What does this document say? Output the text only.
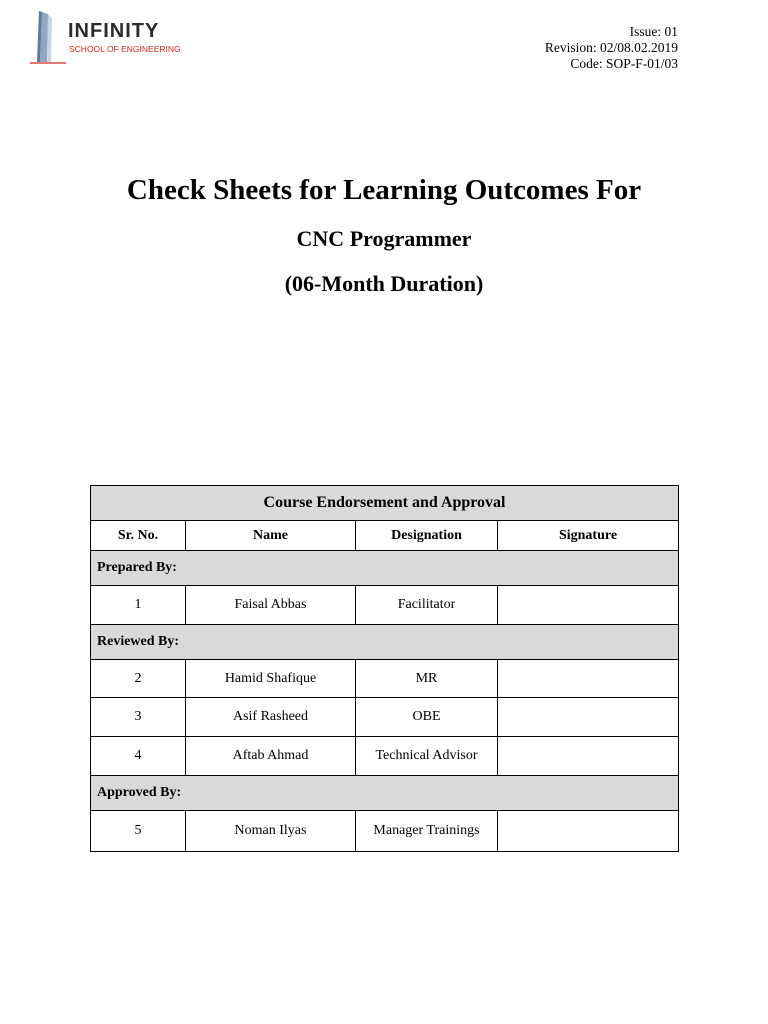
INFINITY
SCHOOL OF ENGINEERING
Issue: 01
Revision: 02/08.02.2019
Code: SOP-F-01/03
Check Sheets for Learning Outcomes For
CNC Programmer
(06-Month Duration)
Course Endorsement and Approval			
Sr. No.	Name	Designation	Signature
Prepared By:			
1	Faisal Abbas	Facilitator	
Reviewed By:			
2	Hamid Shafique	MR	
3	Asif Rasheed	OBE	
4	Aftab Ahmad	Technical Advisor	
Approved By:			
5	Noman Ilyas	Manager Trainings	
